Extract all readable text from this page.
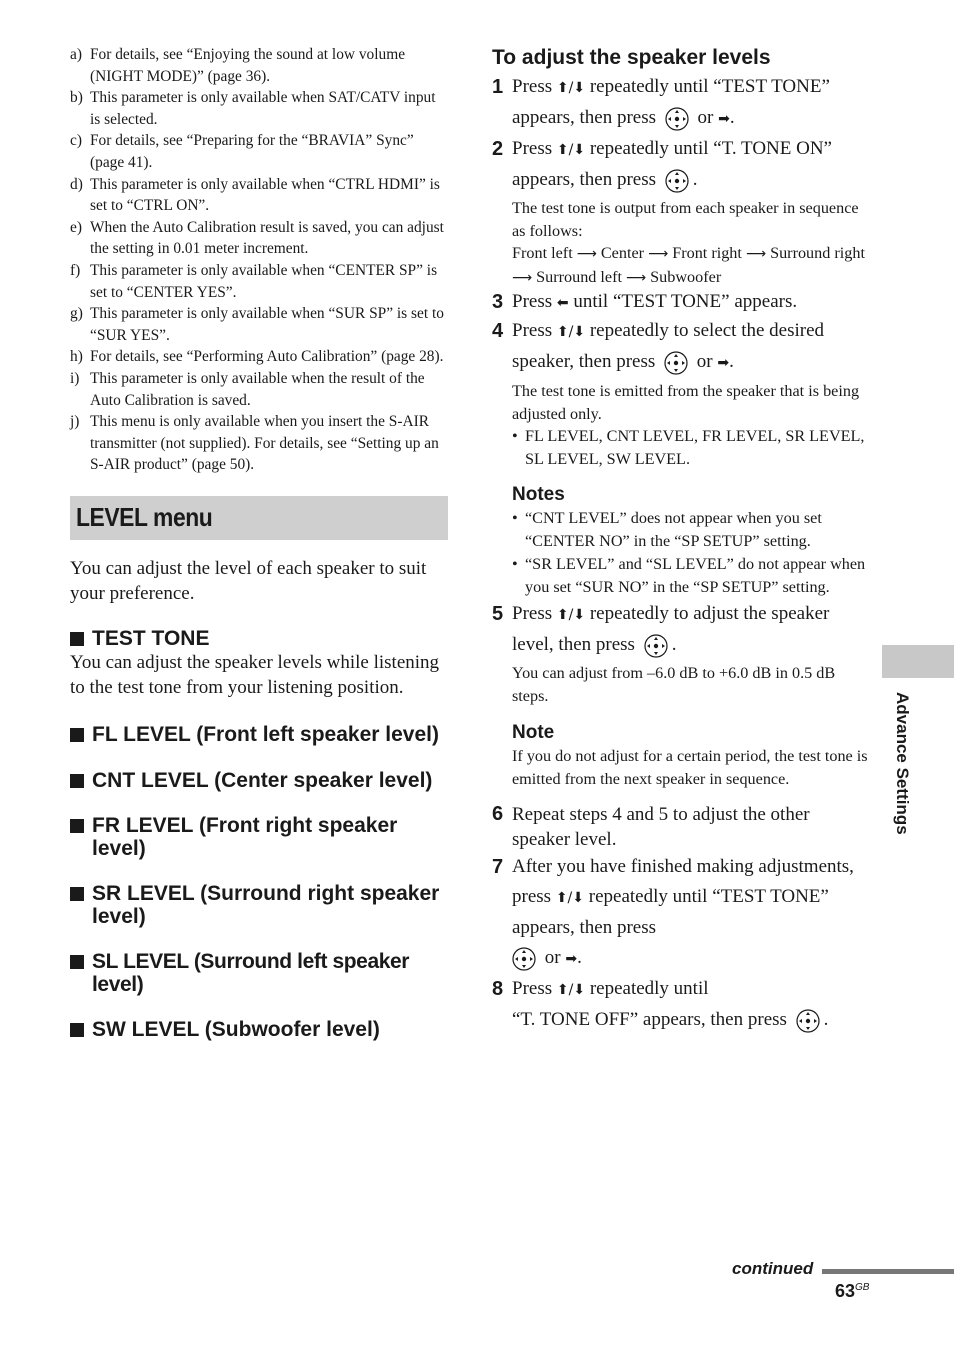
a) For details, see “Enjoying the sound at low volume (NIGHT MODE)” (page 36).
b) This parameter is only available when SAT/CATV input is selected.
c) For details, see “Preparing for the “BRAVIA” Sync” (page 41).
d) This parameter is only available when “CTRL HDMI” is set to “CTRL ON”.
e) When the Auto Calibration result is saved, you can adjust the setting in 0.01 meter increment.
f) This parameter is only available when “CENTER SP” is set to “CENTER YES”.
g) This parameter is only available when “SUR SP” is set to “SUR YES”.
h) For details, see “Performing Auto Calibration” (page 28).
i) This parameter is only available when the result of the Auto Calibration is saved.
j) This menu is only available when you insert the S-AIR transmitter (not supplied). For details, see “Setting up an S-AIR product” (page 50).
LEVEL menu
You can adjust the level of each speaker to suit your preference.
TEST TONE
You can adjust the speaker levels while listening to the test tone from your listening position.
FL LEVEL (Front left speaker level)
CNT LEVEL (Center speaker level)
FR LEVEL (Front right speaker level)
SR LEVEL (Surround right speaker level)
SL LEVEL (Surround left speaker level)
SW LEVEL (Subwoofer level)
To adjust the speaker levels
1 Press ⬆/⬇ repeatedly until “TEST TONE” appears, then press or ➡.
2 Press ⬆/⬇ repeatedly until “T. TONE ON” appears, then press .
The test tone is output from each speaker in sequence as follows:
Front left ⟶ Center ⟶ Front right ⟶ Surround right ⟶ Surround left ⟶ Subwoofer
3 Press ⬅ until “TEST TONE” appears.
4 Press ⬆/⬇ repeatedly to select the desired speaker, then press or ➡.
The test tone is emitted from the speaker that is being adjusted only.
• FL LEVEL, CNT LEVEL, FR LEVEL, SR LEVEL, SL LEVEL, SW LEVEL.
Notes
• “CNT LEVEL” does not appear when you set “CENTER NO” in the “SP SETUP” setting.
• “SR LEVEL” and “SL LEVEL” do not appear when you set “SUR NO” in the “SP SETUP” setting.
5 Press ⬆/⬇ repeatedly to adjust the speaker level, then press .
You can adjust from –6.0 dB to +6.0 dB in 0.5 dB steps.
Note
If you do not adjust for a certain period, the test tone is emitted from the next speaker in sequence.
6 Repeat steps 4 and 5 to adjust the other speaker level.
7 After you have finished making adjustments, press ⬆/⬇ repeatedly until “TEST TONE” appears, then press
or ➡.
8 Press ⬆/⬇ repeatedly until
“T. TONE OFF” appears, then press .
Advance Settings
continued
$63^{GB}$
